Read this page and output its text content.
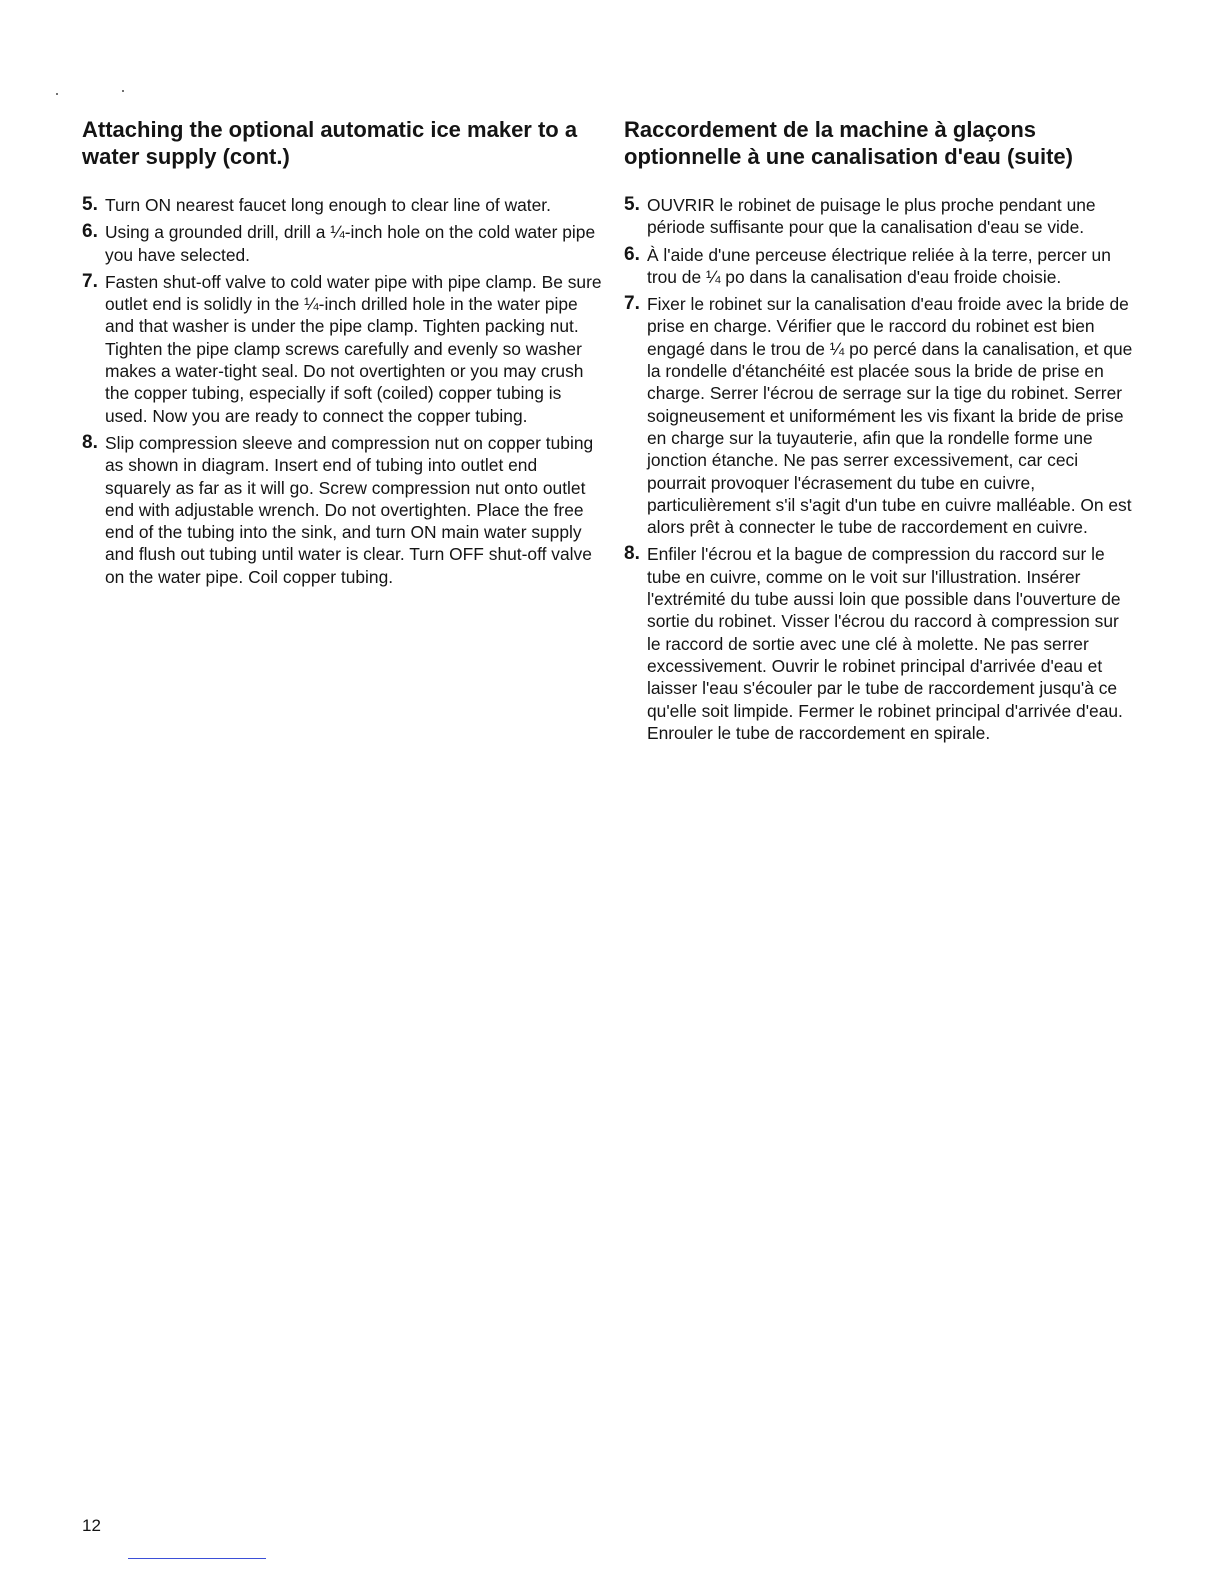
Attaching the optional automatic ice maker to a water supply (cont.)
5. Turn ON nearest faucet long enough to clear line of water.
6. Using a grounded drill, drill a ¼-inch hole on the cold water pipe you have selected.
7. Fasten shut-off valve to cold water pipe with pipe clamp. Be sure outlet end is solidly in the ¼-inch drilled hole in the water pipe and that washer is under the pipe clamp. Tighten packing nut. Tighten the pipe clamp screws carefully and evenly so washer makes a water-tight seal. Do not overtighten or you may crush the copper tubing, especially if soft (coiled) copper tubing is used. Now you are ready to connect the copper tubing.
8. Slip compression sleeve and compression nut on copper tubing as shown in diagram. Insert end of tubing into outlet end squarely as far as it will go. Screw compression nut onto outlet end with adjustable wrench. Do not overtighten. Place the free end of the tubing into the sink, and turn ON main water supply and flush out tubing until water is clear. Turn OFF shut-off valve on the water pipe. Coil copper tubing.
Raccordement de la machine à glaçons optionnelle à une canalisation d'eau (suite)
5. OUVRIR le robinet de puisage le plus proche pendant une période suffisante pour que la canalisation d'eau se vide.
6. À l'aide d'une perceuse électrique reliée à la terre, percer un trou de ¼ po dans la canalisation d'eau froide choisie.
7. Fixer le robinet sur la canalisation d'eau froide avec la bride de prise en charge. Vérifier que le raccord du robinet est bien engagé dans le trou de ¼ po percé dans la canalisation, et que la rondelle d'étanchéité est placée sous la bride de prise en charge. Serrer l'écrou de serrage sur la tige du robinet. Serrer soigneusement et uniformément les vis fixant la bride de prise en charge sur la tuyauterie, afin que la rondelle forme une jonction étanche. Ne pas serrer excessivement, car ceci pourrait provoquer l'écrasement du tube en cuivre, particulièrement s'il s'agit d'un tube en cuivre malléable. On est alors prêt à connecter le tube de raccordement en cuivre.
8. Enfiler l'écrou et la bague de compression du raccord sur le tube en cuivre, comme on le voit sur l'illustration. Insérer l'extrémité du tube aussi loin que possible dans l'ouverture de sortie du robinet. Visser l'écrou du raccord à compression sur le raccord de sortie avec une clé à molette. Ne pas serrer excessivement. Ouvrir le robinet principal d'arrivée d'eau et laisser l'eau s'écouler par le tube de raccordement jusqu'à ce qu'elle soit limpide. Fermer le robinet principal d'arrivée d'eau. Enrouler le tube de raccordement en spirale.
12
